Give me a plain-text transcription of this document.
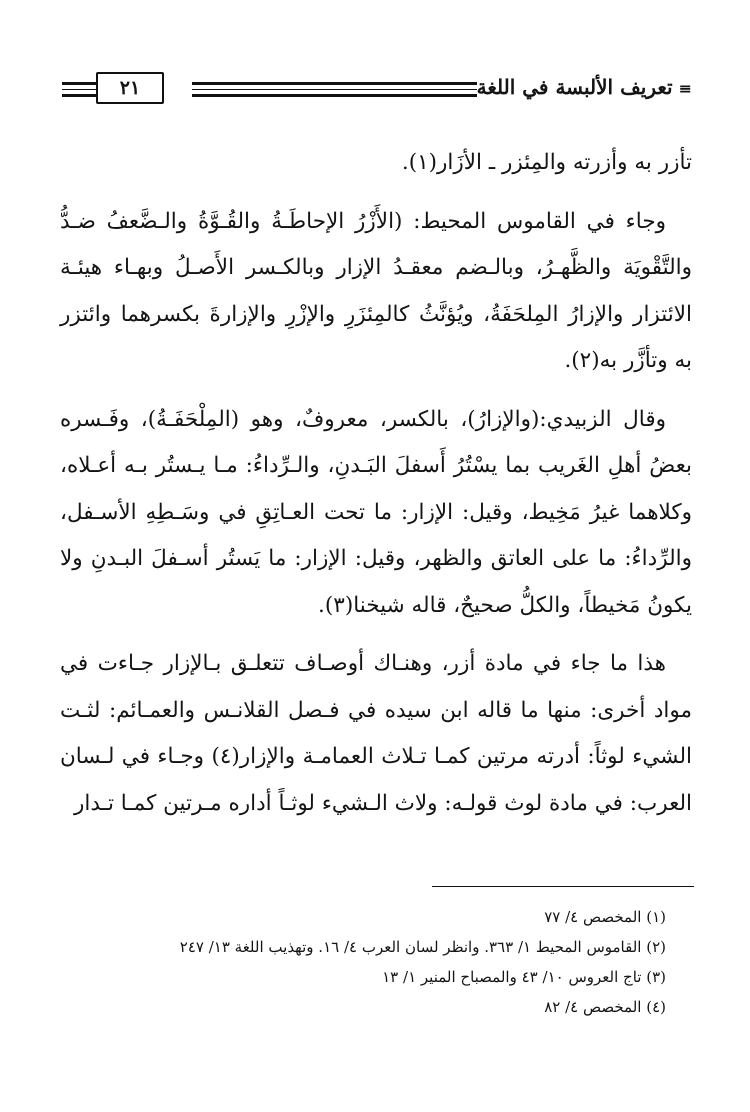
≡تعريف الألبسة في اللغة
٢١

تأزر به وأزرته والمِئزر ـ الأزَار(١).

وجاء في القاموس المحيط: (الأَزْرُ الإحاطَـةُ والقُـوَّةُ والـضَّعفُ ضـدُّ والتَّقْويَة والظَّهـرُ، وبالـضم معقـدُ الإزار وبالكـسر الأَصـلُ وبهـاء هيئـة الائتزار والإزارُ المِلحَفَةُ، ويُؤنَّثُ كالمِئزَرِ والإزْرِ والإزارةَ بكسرهما وائتزر به وتأزَّر به(٢).

وقال الزبيدي:(والإزارُ)، بالكسر، معروفٌ، وهو (المِلْحَفَـةُ)، وفَـسره بعضُ أهلِ الغَريب بما يسْتُرُ أَسفلَ البَـدنِ، والـرِّداءُ: مـا يـستُر بـه أعـلاه، وكلاهما غيرُ مَخِيط، وقيل: الإزار: ما تحت العـاتِقِ في وسَـطِهِ الأسـفل، والرِّداءُ: ما على العاتق والظهر، وقيل: الإزار: ما يَستُر أسـفلَ البـدنِ ولا يكونُ مَخيطاً، والكلُّ صحيحٌ، قاله شيخنا(٣).

هذا ما جاء في مادة أزر، وهنـاك أوصـاف تتعلـق بـالإزار جـاءت في مواد أخرى: منها ما قاله ابن سيده في فـصل القلانـس والعمـائم: لثـت الشيء لوثاً: أدرته مرتين كمـا تـلاث العمامـة والإزار(٤) وجـاء في لـسان العرب: في مادة لوث قولـه: ولاث الـشيء لوثـاً أداره مـرتين كمـا تـدار

(١) المخصص ٤/ ٧٧

(٢) القاموس المحيط ١/ ٣٦٣. وانظر لسان العرب ٤/ ١٦. وتهذيب اللغة ١٣/ ٢٤٧

(٣) تاج العروس ١٠/ ٤٣ والمصباح المنير ١/ ١٣

(٤) المخصص ٤/ ٨٢
